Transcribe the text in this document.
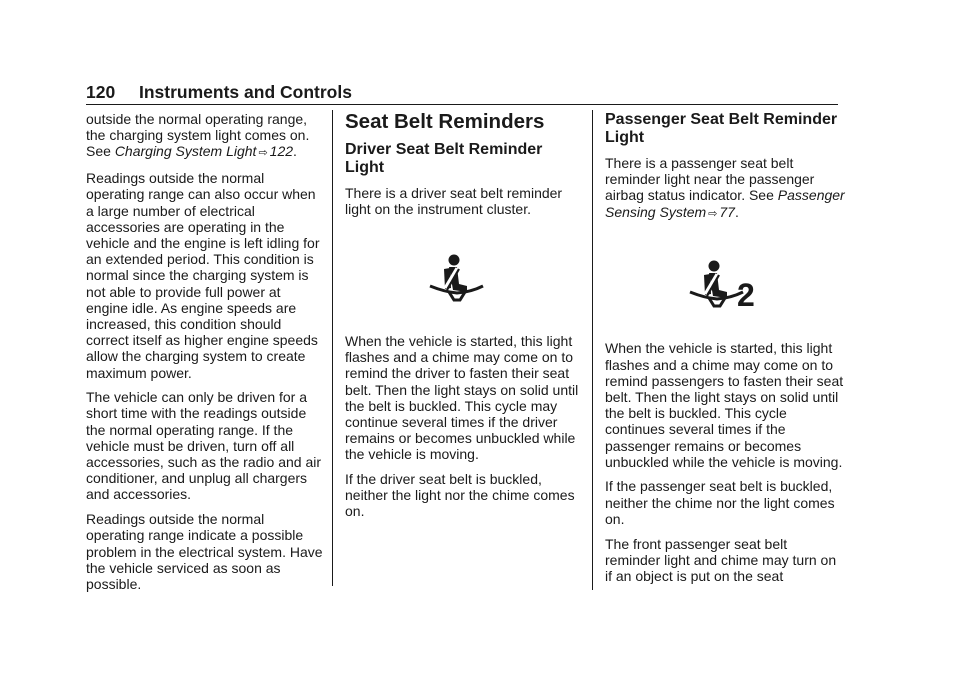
120 Instruments and Controls

outside the normal operating range, the charging system light comes on. See Charging System Light ⇨ 122.

Readings outside the normal operating range can also occur when a large number of electrical accessories are operating in the vehicle and the engine is left idling for an extended period. This condition is normal since the charging system is not able to provide full power at engine idle. As engine speeds are increased, this condition should correct itself as higher engine speeds allow the charging system to create maximum power.

The vehicle can only be driven for a short time with the readings outside the normal operating range. If the vehicle must be driven, turn off all accessories, such as the radio and air conditioner, and unplug all chargers and accessories.

Readings outside the normal operating range indicate a possible problem in the electrical system. Have the vehicle serviced as soon as possible.

Seat Belt Reminders
Driver Seat Belt Reminder Light

There is a driver seat belt reminder light on the instrument cluster.

When the vehicle is started, this light flashes and a chime may come on to remind the driver to fasten their seat belt. Then the light stays on solid until the belt is buckled. This cycle may continue several times if the driver remains or becomes unbuckled while the vehicle is moving.

If the driver seat belt is buckled, neither the light nor the chime comes on.

Passenger Seat Belt Reminder Light

There is a passenger seat belt reminder light near the passenger airbag status indicator. See Passenger Sensing System ⇨ 77.

2

When the vehicle is started, this light flashes and a chime may come on to remind passengers to fasten their seat belt. Then the light stays on solid until the belt is buckled. This cycle continues several times if the passenger remains or becomes unbuckled while the vehicle is moving.

If the passenger seat belt is buckled, neither the chime nor the light comes on.

The front passenger seat belt reminder light and chime may turn on if an object is put on the seat
